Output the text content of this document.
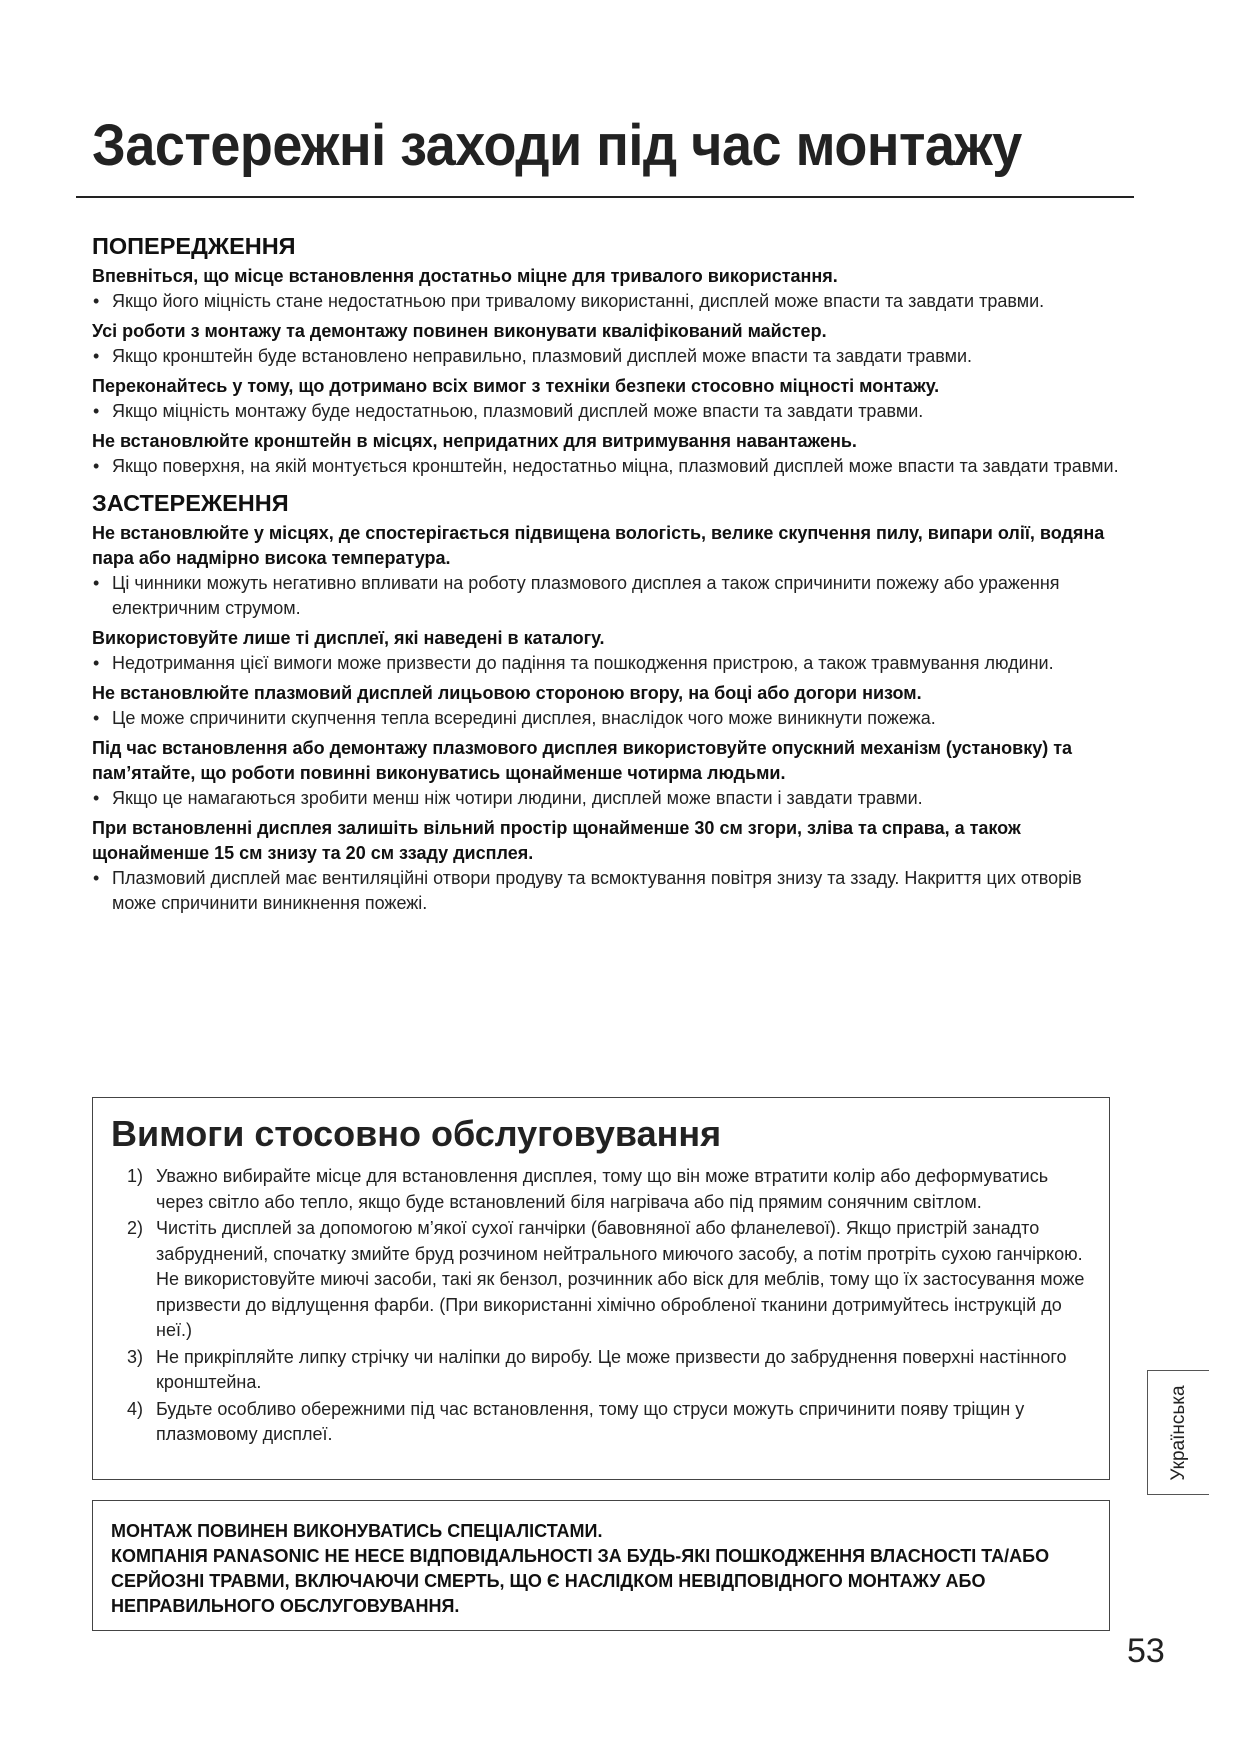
Застережні заходи під час монтажу
ПОПЕРЕДЖЕННЯ
Впевніться, що місце встановлення достатньо міцне для тривалого використання.
• Якщо його міцність стане недостатньою при тривалому використанні, дисплей може впасти та завдати травми.
Усі роботи з монтажу та демонтажу повинен виконувати кваліфікований майстер.
• Якщо кронштейн буде встановлено неправильно, плазмовий дисплей може впасти та завдати травми.
Переконайтесь у тому, що дотримано всіх вимог з техніки безпеки стосовно міцності монтажу.
• Якщо міцність монтажу буде недостатньою, плазмовий дисплей може впасти та завдати травми.
Не встановлюйте кронштейн в місцях, непридатних для витримування навантажень.
• Якщо поверхня, на якій монтується кронштейн, недостатньо міцна, плазмовий дисплей може впасти та завдати травми.
ЗАСТЕРЕЖЕННЯ
Не встановлюйте у місцях, де спостерігається підвищена вологість, велике скупчення пилу, випари олії, водяна пара або надмірно висока температура.
• Ці чинники можуть негативно впливати на роботу плазмового дисплея а також спричинити пожежу або ураження електричним струмом.
Використовуйте лише ті дисплеї, які наведені в каталогу.
• Недотримання цієї вимоги може призвести до падіння та пошкодження пристрою, а також травмування людини.
Не встановлюйте плазмовий дисплей лицьовою стороною вгору, на боці або догори низом.
• Це може спричинити скупчення тепла всередині дисплея, внаслідок чого може виникнути пожежа.
Під час встановлення або демонтажу плазмового дисплея використовуйте опускний механізм (установку) та пам’ятайте, що роботи повинні виконуватись щонайменше чотирма людьми.
• Якщо це намагаються зробити менш ніж чотири людини, дисплей може впасти і завдати травми.
При встановленні дисплея залишіть вільний простір щонайменше 30 см згори, зліва та справа, а також щонайменше 15 см знизу та 20 см ззаду дисплея.
• Плазмовий дисплей має вентиляційні отвори продуву та всмоктування повітря знизу та ззаду. Накриття цих отворів може спричинити виникнення пожежі.
Вимоги стосовно обслуговування
1) Уважно вибирайте місце для встановлення дисплея, тому що він може втратити колір або деформуватись через світло або тепло, якщо буде встановлений біля нагрівача або під прямим сонячним світлом.
2) Чистіть дисплей за допомогою м’якої сухої ганчірки (бавовняної або фланелевої). Якщо пристрій занадто забруднений, спочатку змийте бруд розчином нейтрального миючого засобу, а потім протріть сухою ганчіркою. Не використовуйте миючі засоби, такі як бензол, розчинник або віск для меблів, тому що їх застосування може призвести до відлущення фарби. (При використанні хімічно обробленої тканини дотримуйтесь інструкцій до неї.)
3) Не прикріпляйте липку стрічку чи наліпки до виробу. Це може призвести до забруднення поверхні настінного кронштейна.
4) Будьте особливо обережними під час встановлення, тому що струси можуть спричинити появу тріщин у плазмовому дисплеї.
МОНТАЖ ПОВИНЕН ВИКОНУВАТИСЬ СПЕЦІАЛІСТАМИ.
КОМПАНІЯ PANASONIC НЕ НЕСЕ ВІДПОВІДАЛЬНОСТІ ЗА БУДЬ-ЯКІ ПОШКОДЖЕННЯ ВЛАСНОСТІ ТА/АБО СЕРЙОЗНІ ТРАВМИ, ВКЛЮЧАЮЧИ СМЕРТЬ, ЩО Є НАСЛІДКОМ НЕВІДПОВІДНОГО МОНТАЖУ АБО НЕПРАВИЛЬНОГО ОБСЛУГОВУВАННЯ.
Українська
53
